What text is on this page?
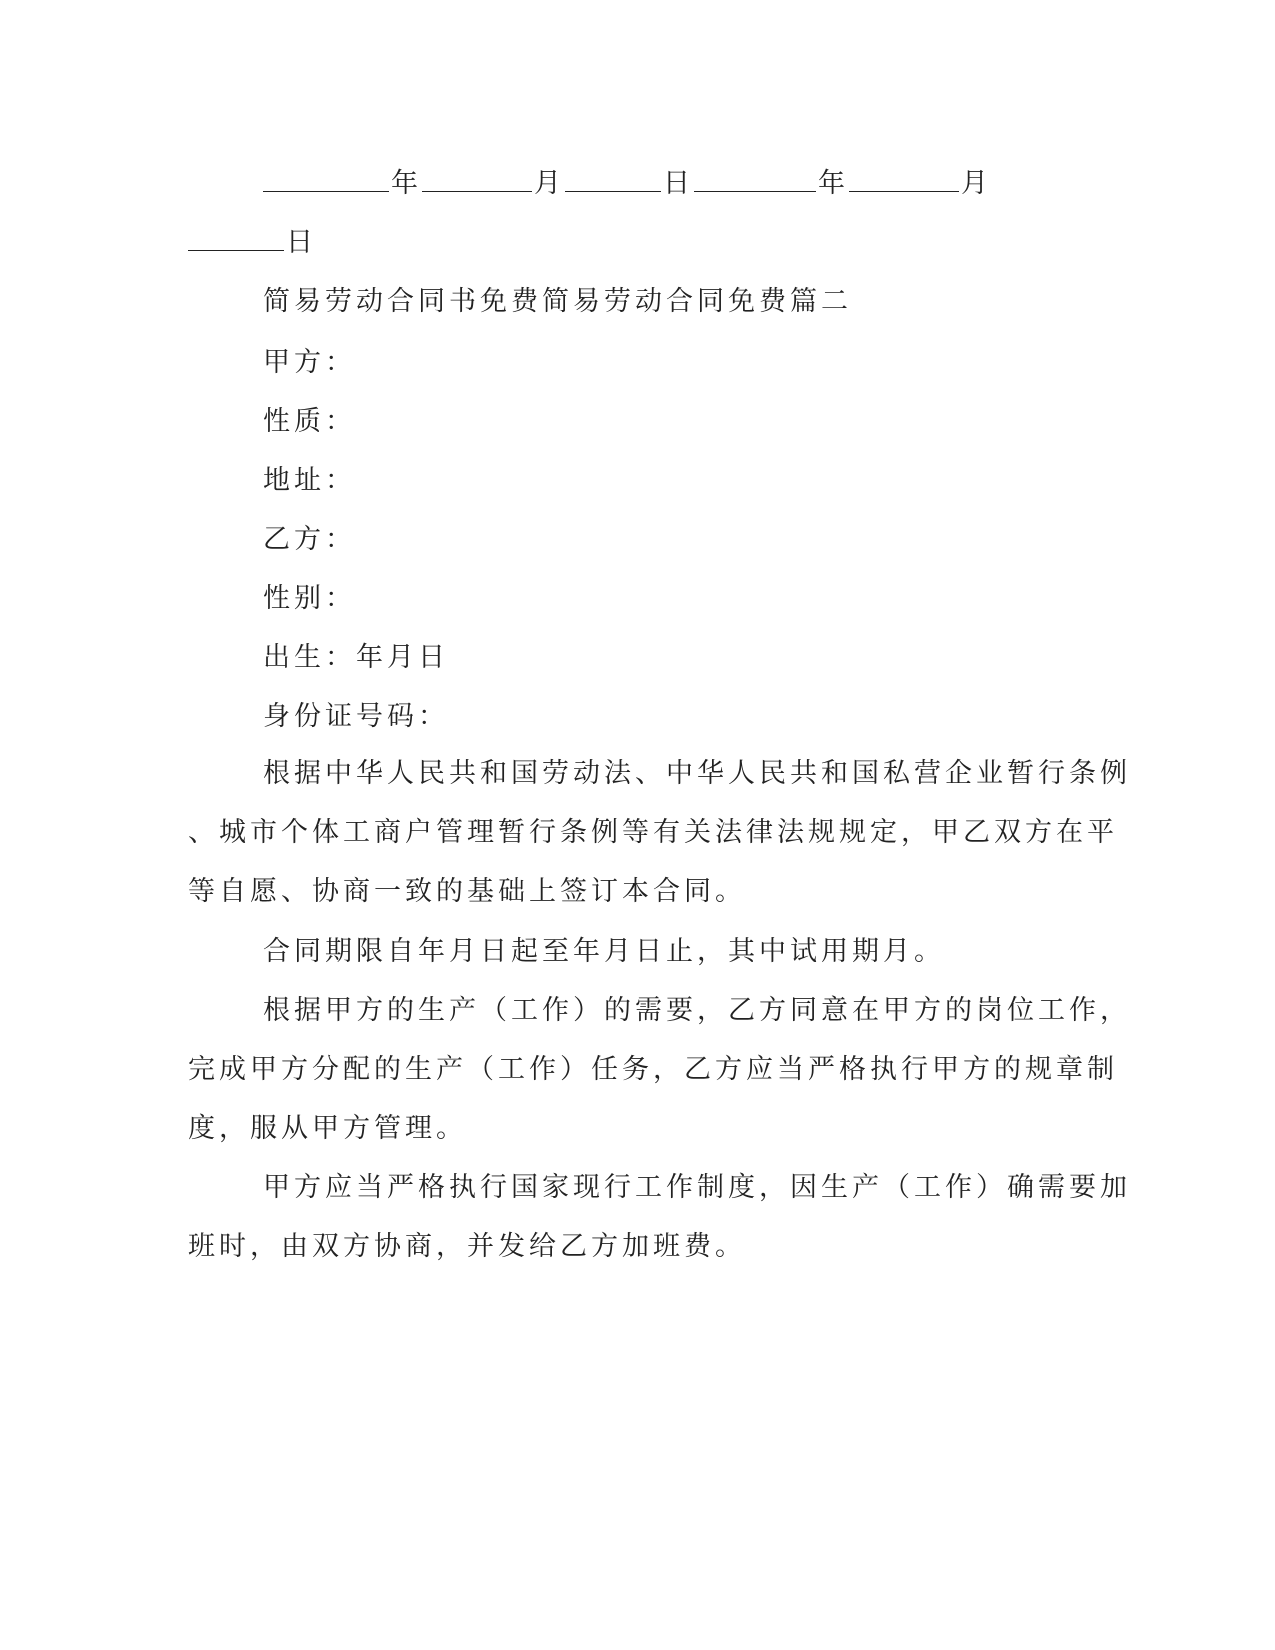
年	月	日	年	月
日
简易劳动合同书免费简易劳动合同免费篇二
甲方：
性质：
地址：
乙方：
性别：
出生：年月日
身份证号码：
根据中华人民共和国劳动法、中华人民共和国私营企业暂行条例
、城市个体工商户管理暂行条例等有关法律法规规定，甲乙双方在平
等自愿、协商一致的基础上签订本合同。
合同期限自年月日起至年月日止，其中试用期月。
根据甲方的生产（工作）的需要，乙方同意在甲方的岗位工作，
完成甲方分配的生产（工作）任务，乙方应当严格执行甲方的规章制
度，服从甲方管理。
甲方应当严格执行国家现行工作制度，因生产（工作）确需要加
班时，由双方协商，并发给乙方加班费。
